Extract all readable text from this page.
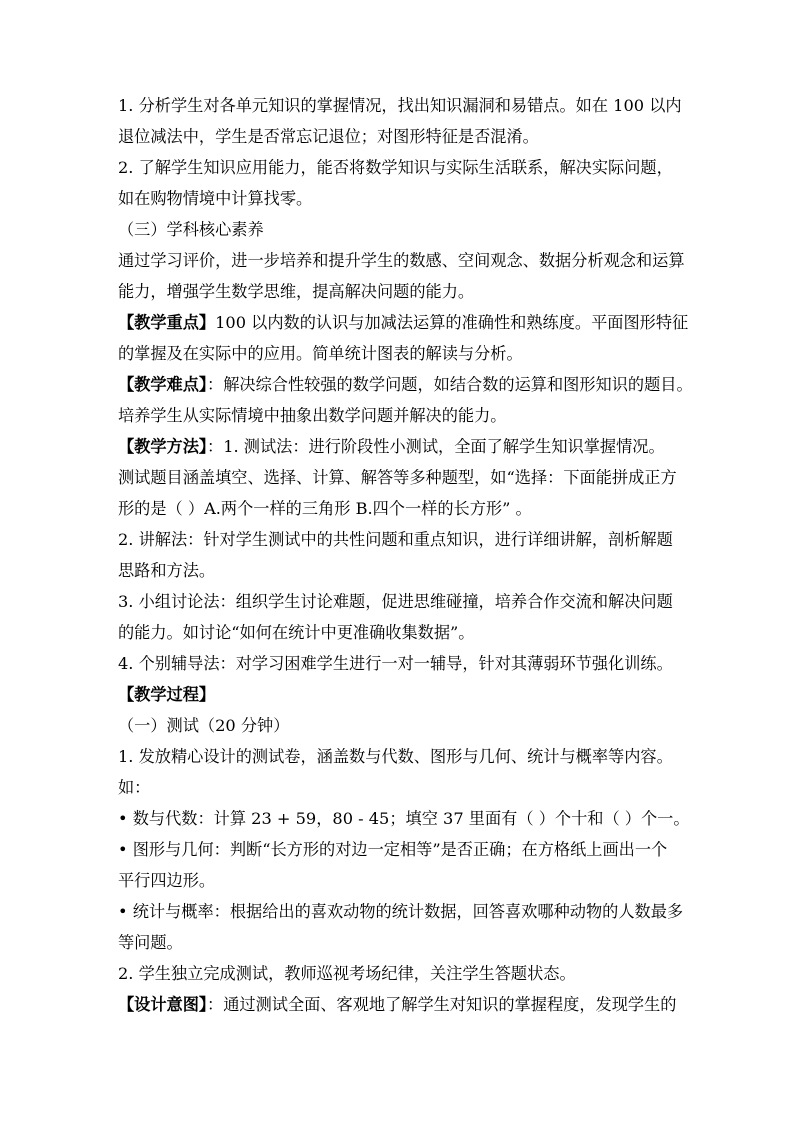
1. 分析学生对各单元知识的掌握情况，找出知识漏洞和易错点。如在 100 以内

退位减法中，学生是否常忘记退位；对图形特征是否混淆。

2. 了解学生知识应用能力，能否将数学知识与实际生活联系，解决实际问题，

如在购物情境中计算找零。

（三）学科核心素养

通过学习评价，进一步培养和提升学生的数感、空间观念、数据分析观念和运算

能力，增强学生数学思维，提高解决问题的能力。

【教学重点】100 以内数的认识与加减法运算的准确性和熟练度。平面图形特征

的掌握及在实际中的应用。简单统计图表的解读与分析。

【教学难点】：解决综合性较强的数学问题，如结合数的运算和图形知识的题目。

培养学生从实际情境中抽象出数学问题并解决的能力。

【教学方法】：1. 测试法：进行阶段性小测试，全面了解学生知识掌握情况。

测试题目涵盖填空、选择、计算、解答等多种题型，如“选择：下面能拼成正方

形的是（ ）A.两个一样的三角形 B.四个一样的长方形” 。

2. 讲解法：针对学生测试中的共性问题和重点知识，进行详细讲解，剖析解题

思路和方法。

3. 小组讨论法：组织学生讨论难题，促进思维碰撞，培养合作交流和解决问题

的能力。如讨论“如何在统计中更准确收集数据”。

4. 个别辅导法：对学习困难学生进行一对一辅导，针对其薄弱环节强化训练。

【教学过程】

（一）测试（20 分钟）

1. 发放精心设计的测试卷，涵盖数与代数、图形与几何、统计与概率等内容。

如：

• 数与代数：计算 23 + 59，80 - 45；填空 37 里面有（ ）个十和（ ）个一。

• 图形与几何：判断“长方形的对边一定相等”是否正确；在方格纸上画出一个

平行四边形。

• 统计与概率：根据给出的喜欢动物的统计数据，回答喜欢哪种动物的人数最多

等问题。

2. 学生独立完成测试，教师巡视考场纪律，关注学生答题状态。

【设计意图】：通过测试全面、客观地了解学生对知识的掌握程度，发现学生的
